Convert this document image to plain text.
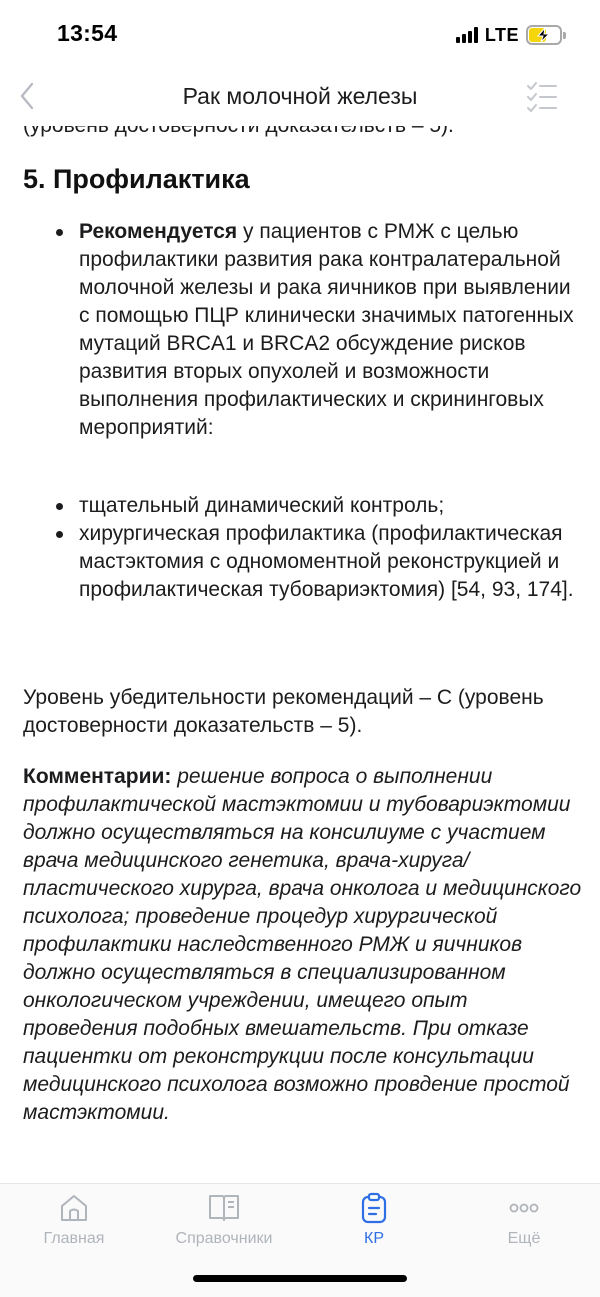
13:54	LTE
5. Профилактика
Рекомендуется у пациентов с РМЖ с целью профилактики развития рака контралатеральной молочной железы и рака яичников при выявлении с помощью ПЦР клинически значимых патогенных мутаций BRCA1 и BRCA2 обсуждение рисков развития вторых опухолей и возможности выполнения профилактических и скрининговых мероприятий:
тщательный динамический контроль;
хирургическая профилактика (профилактическая мастэктомия с одномоментной реконструкцией и профилактическая тубовариэктомия) [54, 93, 174].

Уровень убедительности рекомендаций – С (уровень достоверности доказательств – 5).

Комментарии: решение вопроса о выполнении профилактической мастэктомии и тубовариэктомии должно осуществляться на консилиуме с участием врача медицинского генетика, врача-хируга/пластического хирурга, врача онколога и медицинского психолога; проведение процедур хирургической профилактики наследственного РМЖ и яичников должно осуществляться в специализированном онкологическом учреждении, имещего опыт проведения подобных вмешательств. При отказе пациентки от реконструкции после консультации медицинского психолога возможно провдение простой мастэктомии.

Рак молочной железы
Главная	Справочники	КР	Ещё
